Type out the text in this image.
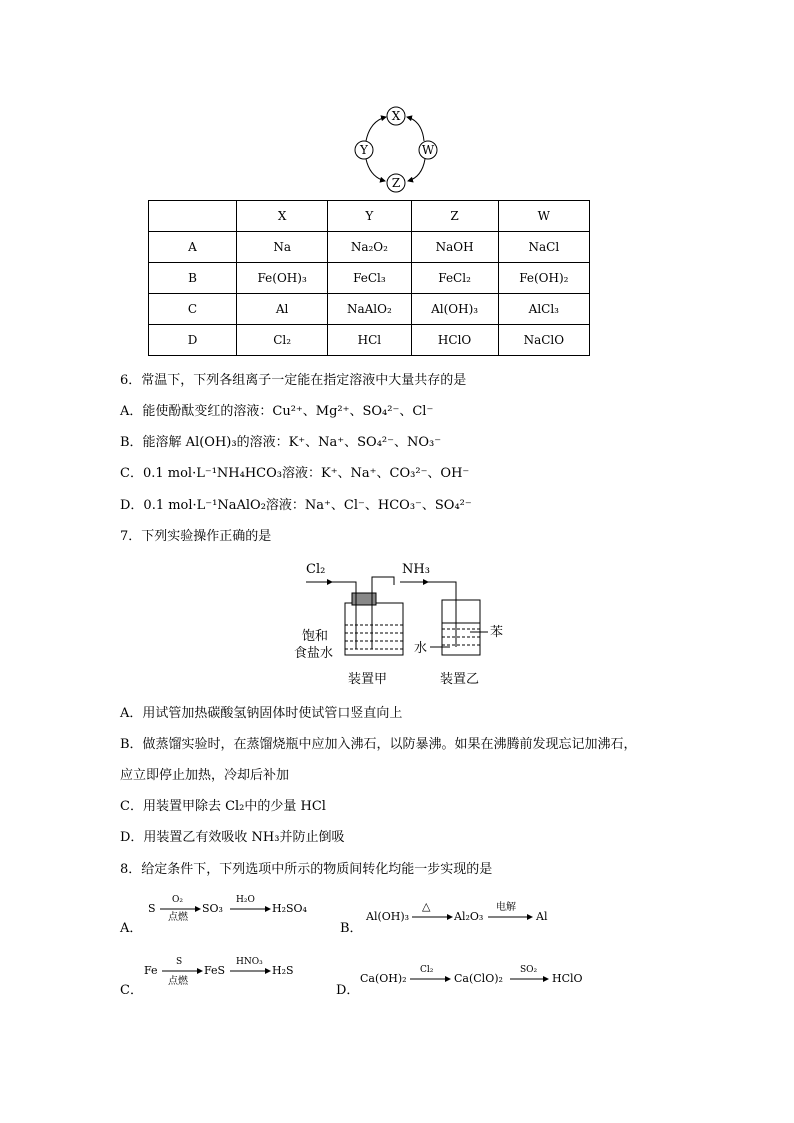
X
W
Z
Y
	X	Y	Z	W
A	Na	Na₂O₂	NaOH	NaCl
B	Fe(OH)₃	FeCl₃	FeCl₂	Fe(OH)₂
C	Al	NaAlO₂	Al(OH)₃	AlCl₃
D	Cl₂	HCl	HClO	NaClO
6．常温下，下列各组离子一定能在指定溶液中大量共存的是
A．能使酚酞变红的溶液：Cu²⁺、Mg²⁺、SO₄²⁻、Cl⁻
B．能溶解 Al(OH)₃的溶液：K⁺、Na⁺、SO₄²⁻、NO₃⁻
C．0.1 mol·L⁻¹NH₄HCO₃溶液：K⁺、Na⁺、CO₃²⁻、OH⁻
D．0.1 mol·L⁻¹NaAlO₂溶液：Na⁺、Cl⁻、HCO₃⁻、SO₄²⁻
7．下列实验操作正确的是
Cl₂	NH₃
饱和
食盐水
苯
水
装置甲	装置乙
A．用试管加热碳酸氢钠固体时使试管口竖直向上
B．做蒸馏实验时，在蒸馏烧瓶中应加入沸石，以防暴沸。如果在沸腾前发现忘记加沸石，
应立即停止加热，冷却后补加
C．用装置甲除去 Cl₂中的少量 HCl
D．用装置乙有效吸收 NH₃并防止倒吸
8．给定条件下，下列选项中所示的物质间转化均能一步实现的是
A．
S
O₂
点燃
SO₃
H₂O
H₂SO₄
B．
Al(OH)₃
△
Al₂O₃
电解
Al
C．
Fe
S
点燃
FeS
HNO₃
H₂S
D．
Ca(OH)₂
Cl₂
Ca(ClO)₂
SO₂
HClO
